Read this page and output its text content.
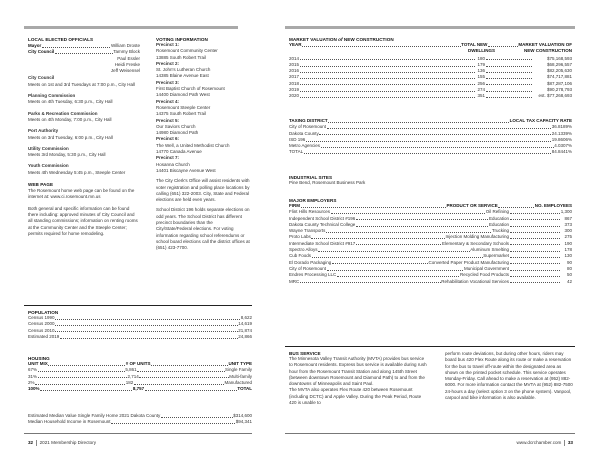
LOCAL ELECTED OFFICIALS
Mayor	William Droste
City Council	Tammy Block
Paul Essler
Heidi Freske
Jeff Weisensel
City Council
Meets on 1st and 3rd Tuesdays at 7:00 p.m., City Hall
Planning Commission
Meets on 4th Tuesday, 6:30 p.m., City Hall
Parks & Recreation Commission
Meets on 4th Monday, 7:00 p.m., City Hall
Port Authority
Meets on 3rd Tuesday, 6:00 p.m., City Hall
Utility Commission
Meets 3rd Monday, 5:30 p.m., City Hall
Youth Commission
Meets 4th Wednesday 5:45 p.m., Steeple Center
WEB PAGE

The Rosemount home web page can be found on the internet at: www.ci.rosemount.mn.us

Both general and specific information can be found there including: approved minutes of City Council and all standing commissions; information on renting rooms at the Community Center and the Steeple Center; permits required for home remodeling.

VOTING INFORMATION
Precinct 1:
Rosemount Community Center
13885 South Robert Trail
Precinct 2:
St. John's Lutheran Church
14385 Blaine Avenue East
Precinct 3:
First Baptist Church of Rosemount
14400 Diamond Path West
Precinct 4:
Rosemount Steeple Center
14375 South Robert Trail
Precinct 5:
Our Saviors Church
14980 Diamond Path
Precinct 6:
The Well, a United Methodist Church
14770 Canada Avenue
Precinct 7:
Hosanna Church
14401 Biscayne Avenue West

The City Clerk's Office will assist residents with voter registration and polling place locations by calling (651) 322-2003. City, State and Federal elections are held even years.

School District 196 holds separate elections on odd years. The School District has different precinct boundaries than the City/State/Federal elections. For voting information regarding school referendums or school board elections call the district offices at (651) 423-7700.

POPULATION
Census 1990	8,622
Census 2000	14,619
Census 2010	21,874
Estimated 2019	24,866
HOUSING
UNIT MIX	# OF UNITS	UNIT TYPE
67%	5,861	Single Family
31%	2,714	Multi-family
2%	182	Manufactured
100%	8,757	TOTAL
Estimated Median Value Single Family Home 2021 Dakota County	$314,600
Median Household Income in Rosemount	$94,341
32 2021 Membership Directory
MARKET VALUATION of NEW CONSTRUCTION
YEAR	TOTAL NEW	MARKET VALUATION OF
DWELLINGS	NEW CONSTRUCTION
2014	180	$75,168,593
2015	179	$68,296,557
2016	136	$82,205,630
2017	155	$74,717,881
2018	256	$87,287,106
2019	274	$90,278,793
2020	351	est. $77,268,693
TAXING DISTRICT	LOCAL TAX CAPACITY RATE
City of Rosemount	36.8189%
Dakota County	24.1339%
ISD 196	19.8606%
Metro Agencies	4.0307%
TOTAL	84.8441%
INDUSTRIAL SITES
Pine Bend, Rosemount Business Park
MAJOR EMPLOYERS
FIRM	PRODUCT OR SERVICE	NO. EMPLOYEES
Flint Hills Resources	Oil Refining	1,300
Independent School District #196	Education	867
Dakota County Technical College	Education	373
Wayne Transports	Trucking	300
Proto Labs	Injection Molding Manufacturing	275
Intermediate School District #917	Elementary & Secondary Schools	190
Spectro Alloys	Aluminum Smelting	178
Cub Foods	Supermarket	130
El Dorado Packaging	Converted Paper Product Manufacturing	90
City of Rosemount	Municipal Government	80
Endres Processing LLC	Recycled Food Products	50
MRC	Rehabilitation Vocational Services	42
BUS SERVICE

The Minnesota Valley Transit Authority (MVTA) provides bus service to Rosemount residents. Express bus service is available during rush hour from the Rosemount Transit Station and along 145th Street (between downtown Rosemount and Diamond Path) to and from the downtowns of Minneapolis and Saint Paul.

The MVTA also operates Flex Route 420 between Rosemount (including DCTC) and Apple Valley. During the Peak Period, Route 420 is unable to

perform route deviations, but during other hours, riders may board bus 420 Flex Route along its route or make a reservation for the bus to travel off-route within the designated area as shown on the printed pocket schedule. This service operates Monday-Friday. Call ahead to make a reservation at (952) 882-6000. For more information contact the MVTA at (952) 882-7500 24-hours a day (select option 3 on the phone system). Vanpool, carpool and bike information is also available.

www.dcrchamber.com 33
